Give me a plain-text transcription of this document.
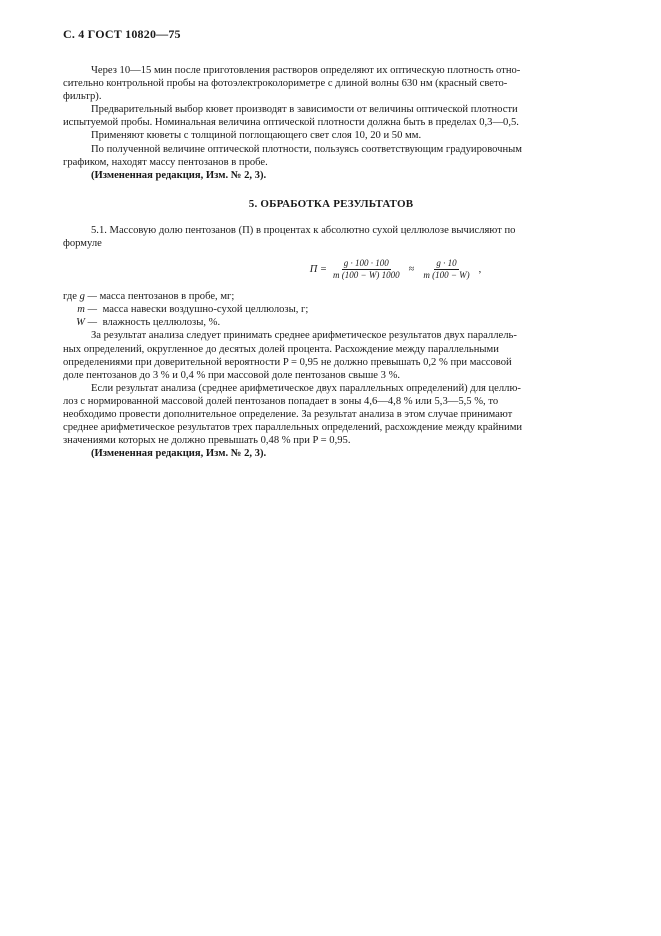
С. 4 ГОСТ 10820—75

Через 10—15 мин после приготовления растворов определяют их оптическую плотность отно-
сительно контрольной пробы на фотоэлектроколориметре с длиной волны 630 нм (красный свето-
фильтр).

Предварительный выбор кювет производят в зависимости от величины оптической плотности
испытуемой пробы. Номинальная величина оптической плотности должна быть в пределах 0,3—0,5.

Применяют кюветы с толщиной поглощающего свет слоя 10, 20 и 50 мм.

По полученной величине оптической плотности, пользуясь соответствующим градуировочным
графиком, находят массу пентозанов в пробе.

(Измененная редакция, Изм. № 2, 3).

5. ОБРАБОТКА РЕЗУЛЬТАТОВ

5.1. Массовую долю пентозанов (П) в процентах к абсолютно сухой целлюлозе вычисляют по
формуле

$П = \frac{g \cdot 100 \cdot 100}{m (100 - W) 1000} \approx \frac{g \cdot 10}{m (100 - W)}$ ,
где
g —
масса пентозанов в пробе, мг;
m —
масса навески воздушно-сухой целлюлозы, г;
W —
влажность целлюлозы, %.

За результат анализа следует принимать среднее арифметическое результатов двух параллель-
ных определений, округленное до десятых долей процента. Расхождение между параллельными
определениями при доверительной вероятности P = 0,95 не должно превышать 0,2 % при массовой
доле пентозанов до 3 % и 0,4 % при массовой доле пентозанов свыше 3 %.

Если результат анализа (среднее арифметическое двух параллельных определений) для целлю-
лоз с нормированной массовой долей пентозанов попадает в зоны 4,6—4,8 % или 5,3—5,5 %, то
необходимо провести дополнительное определение. За результат анализа в этом случае принимают
среднее арифметическое результатов трех параллельных определений, расхождение между крайними
значениями которых не должно превышать 0,48 % при P = 0,95.

(Измененная редакция, Изм. № 2, 3).
